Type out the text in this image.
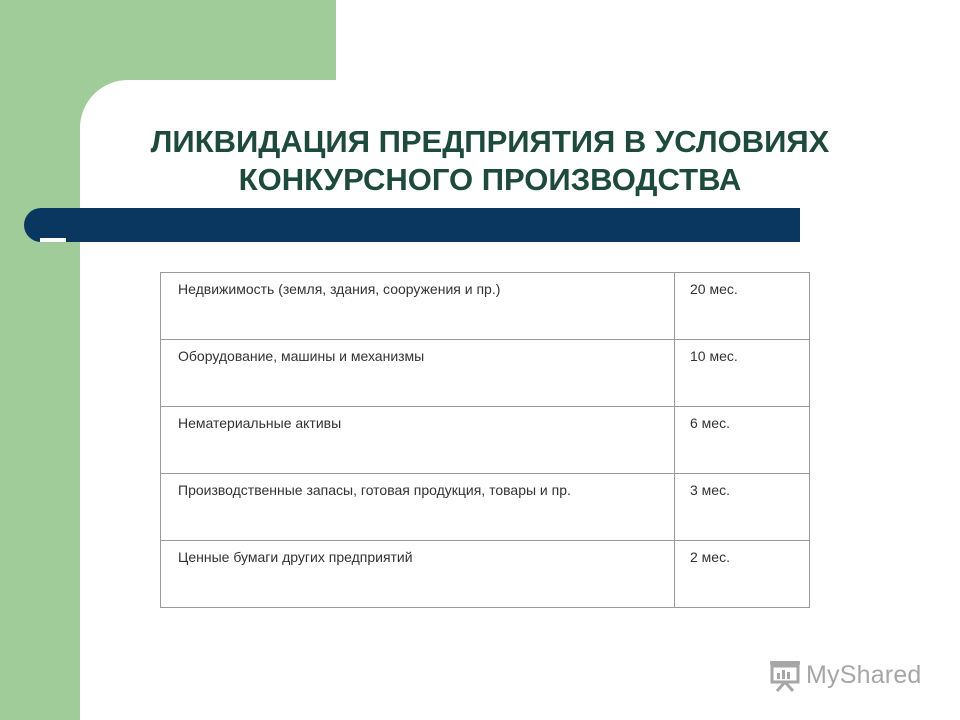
ЛИКВИДАЦИЯ ПРЕДПРИЯТИЯ В УСЛОВИЯХ
КОНКУРСНОГО ПРОИЗВОДСТВА
Недвижимость (земля, здания, сооружения и пр.)	20 мес.
Оборудование, машины и механизмы	10 мес.
Нематериальные активы	6 мес.
Производственные запасы, готовая продукция, товары и пр.	3 мес.
Ценные бумаги других предприятий	2 мес.
MyShared
